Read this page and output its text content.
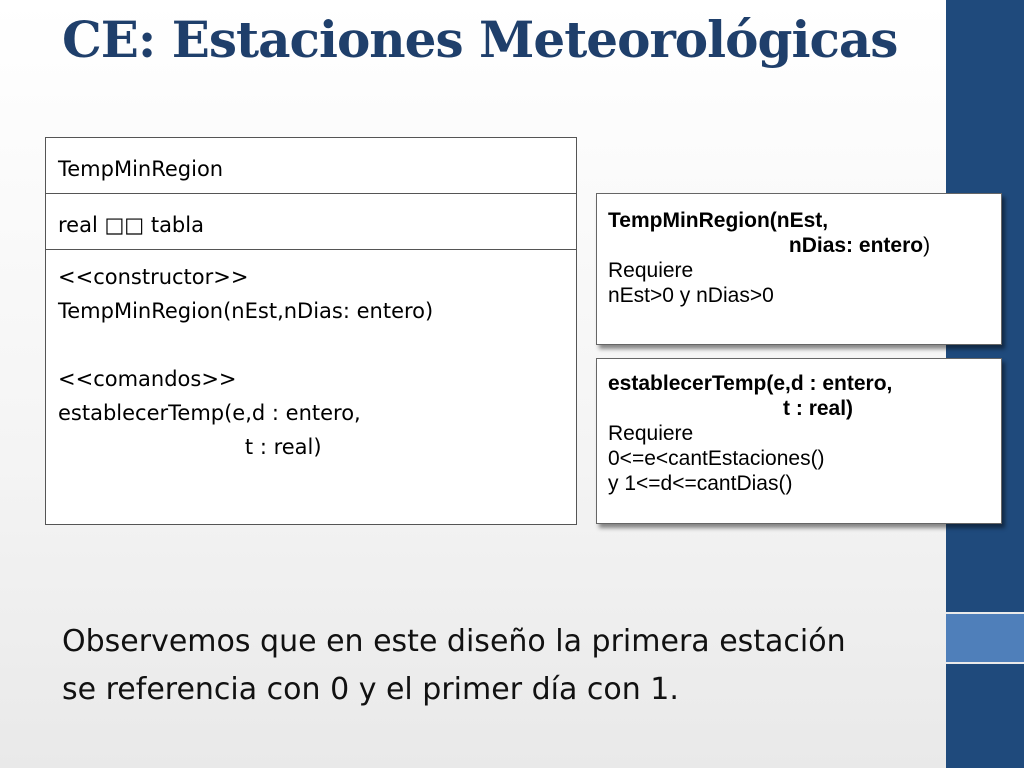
CE: Estaciones Meteorológicas
TempMinRegion
real □□ tabla
<<constructor>>
TempMinRegion(nEst,nDias: entero)
<<comandos>>
establecerTemp(e,d : entero,
t : real)
TempMinRegion(nEst,
nDias: entero)
Requiere
nEst>0 y nDias>0
establecerTemp(e,d : entero,
t : real)
Requiere
0<=e<cantEstaciones()
y 1<=d<=cantDias()
Observemos que en este diseño la primera estación
se referencia con 0 y el primer día con 1.
